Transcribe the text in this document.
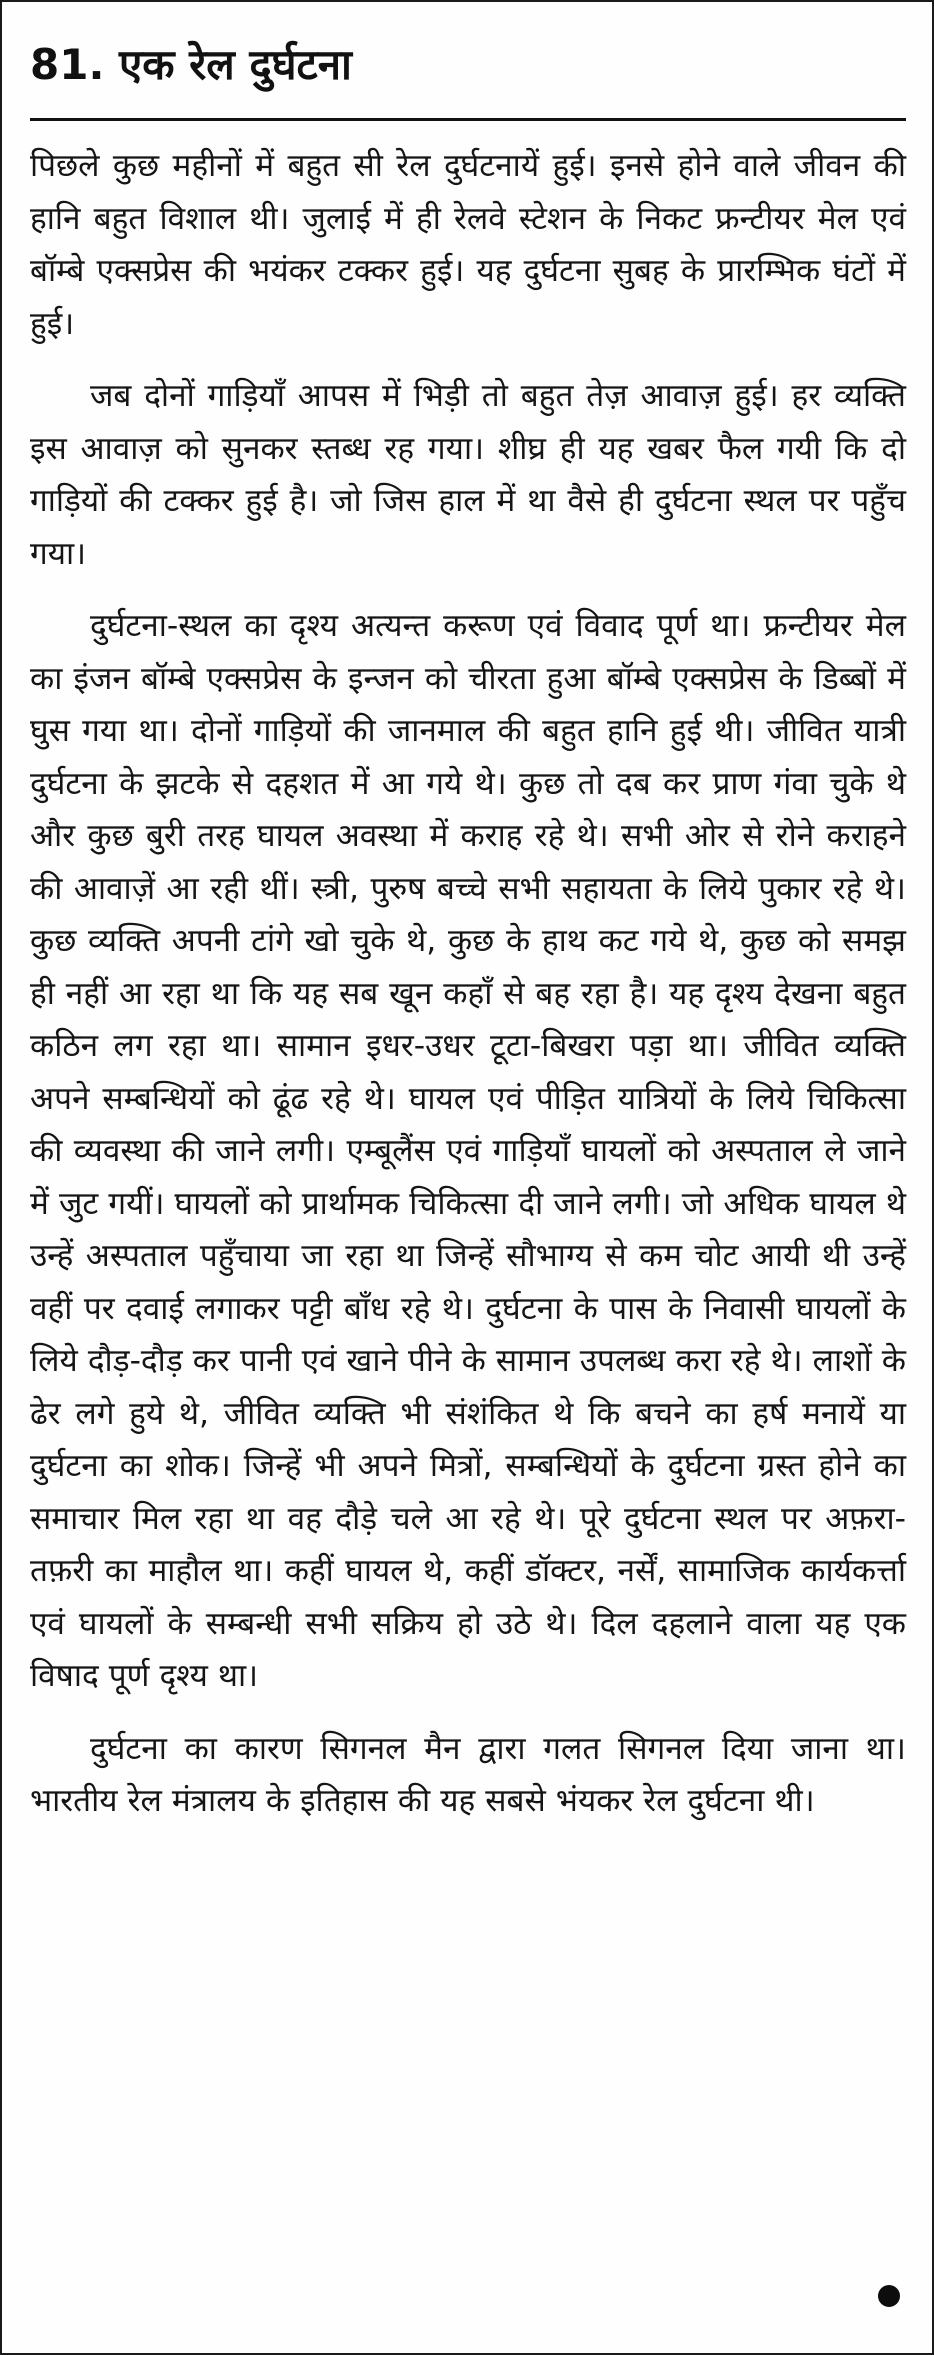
81. एक रेल दुर्घटना

पिछले कुछ महीनों में बहुत सी रेल दुर्घटनायें हुई। इनसे होने वाले जीवन की हानि बहुत विशाल थी। जुलाई में ही रेलवे स्टेशन के निकट फ्रन्टीयर मेल एवं बॉम्बे एक्सप्रेस की भयंकर टक्कर हुई। यह दुर्घटना सुबह के प्रारम्भिक घंटों में हुई।

जब दोनों गाड़ियाँ आपस में भिड़ी तो बहुत तेज़ आवाज़ हुई। हर व्यक्ति इस आवाज़ को सुनकर स्तब्ध रह गया। शीघ्र ही यह खबर फैल गयी कि दो गाड़ियों की टक्कर हुई है। जो जिस हाल में था वैसे ही दुर्घटना स्थल पर पहुँच गया।

दुर्घटना-स्थल का दृश्य अत्यन्त करूण एवं विवाद पूर्ण था। फ्रन्टीयर मेल का इंजन बॉम्बे एक्सप्रेस के इन्जन को चीरता हुआ बॉम्बे एक्सप्रेस के डिब्बों में घुस गया था। दोनों गाड़ियों की जानमाल की बहुत हानि हुई थी। जीवित यात्री दुर्घटना के झटके से दहशत में आ गये थे। कुछ तो दब कर प्राण गंवा चुके थे और कुछ बुरी तरह घायल अवस्था में कराह रहे थे। सभी ओर से रोने कराहने की आवाज़ें आ रही थीं। स्त्री, पुरुष बच्चे सभी सहायता के लिये पुकार रहे थे। कुछ व्यक्ति अपनी टांगे खो चुके थे, कुछ के हाथ कट गये थे, कुछ को समझ ही नहीं आ रहा था कि यह सब खून कहाँ से बह रहा है। यह दृश्य देखना बहुत कठिन लग रहा था। सामान इधर-उधर टूटा-बिखरा पड़ा था। जीवित व्यक्ति अपने सम्बन्धियों को ढूंढ रहे थे। घायल एवं पीड़ित यात्रियों के लिये चिकित्सा की व्यवस्था की जाने लगी। एम्बूलैंस एवं गाड़ियाँ घायलों को अस्पताल ले जाने में जुट गयीं। घायलों को प्रार्थामक चिकित्सा दी जाने लगी। जो अधिक घायल थे उन्हें अस्पताल पहुँचाया जा रहा था जिन्हें सौभाग्य से कम चोट आयी थी उन्हें वहीं पर दवाई लगाकर पट्टी बाँध रहे थे। दुर्घटना के पास के निवासी घायलों के लिये दौड़-दौड़ कर पानी एवं खाने पीने के सामान उपलब्ध करा रहे थे। लाशों के ढेर लगे हुये थे, जीवित व्यक्ति भी संशंकित थे कि बचने का हर्ष मनायें या दुर्घटना का शोक। जिन्हें भी अपने मित्रों, सम्बन्धियों के दुर्घटना ग्रस्त होने का समाचार मिल रहा था वह दौड़े चले आ रहे थे। पूरे दुर्घटना स्थल पर अफ़रा-तफ़री का माहौल था। कहीं घायल थे, कहीं डॉक्टर, नर्सें, सामाजिक कार्यकर्त्ता एवं घायलों के सम्बन्धी सभी सक्रिय हो उठे थे। दिल दहलाने वाला यह एक विषाद पूर्ण दृश्य था।

दुर्घटना का कारण सिगनल मैन द्वारा गलत सिगनल दिया जाना था। भारतीय रेल मंत्रालय के इतिहास की यह सबसे भंयकर रेल दुर्घटना थी।
